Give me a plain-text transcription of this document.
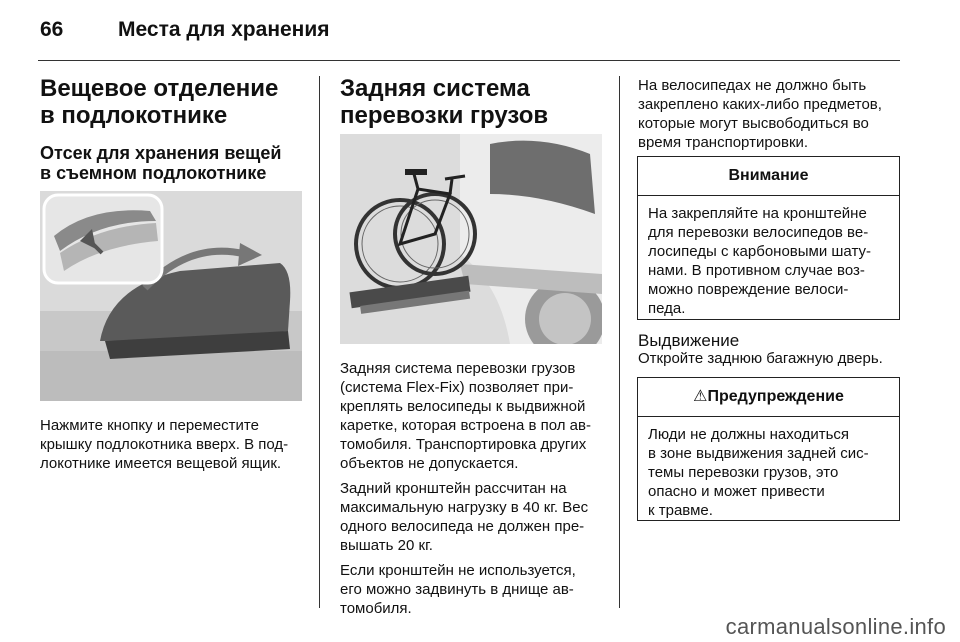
66	Места для хранения
Вещевое отделение
в подлокотнике
Отсек для хранения вещей
в съемном подлокотнике
Нажмите кнопку и переместите
крышку подлокотника вверх. В под-
локотнике имеется вещевой ящик.
Задняя система
перевозки грузов
Задняя система перевозки грузов
(система Flex-Fix) позволяет при-
креплять велосипеды к выдвижной
каретке, которая встроена в пол ав-
томобиля. Транспортировка других
объектов не допускается.
Задний кронштейн рассчитан на
максимальную нагрузку в 40 кг. Вес
одного велосипеда не должен пре-
вышать 20 кг.
Если кронштейн не используется,
его можно задвинуть в днище ав-
томобиля.
На велосипедах не должно быть
закреплено каких-либо предметов,
которые могут высвободиться во
время транспортировки.
Внимание
На закрепляйте на кронштейне
для перевозки велосипедов ве-
лосипеды с карбоновыми шату-
нами. В противном случае воз-
можно повреждение велоси-
педа.
Выдвижение
Откройте заднюю багажную дверь.
⚠Предупреждение
Люди не должны находиться
в зоне выдвижения задней сис-
темы перевозки грузов, это
опасно и может привести
к травме.
carmanualsonline.info
